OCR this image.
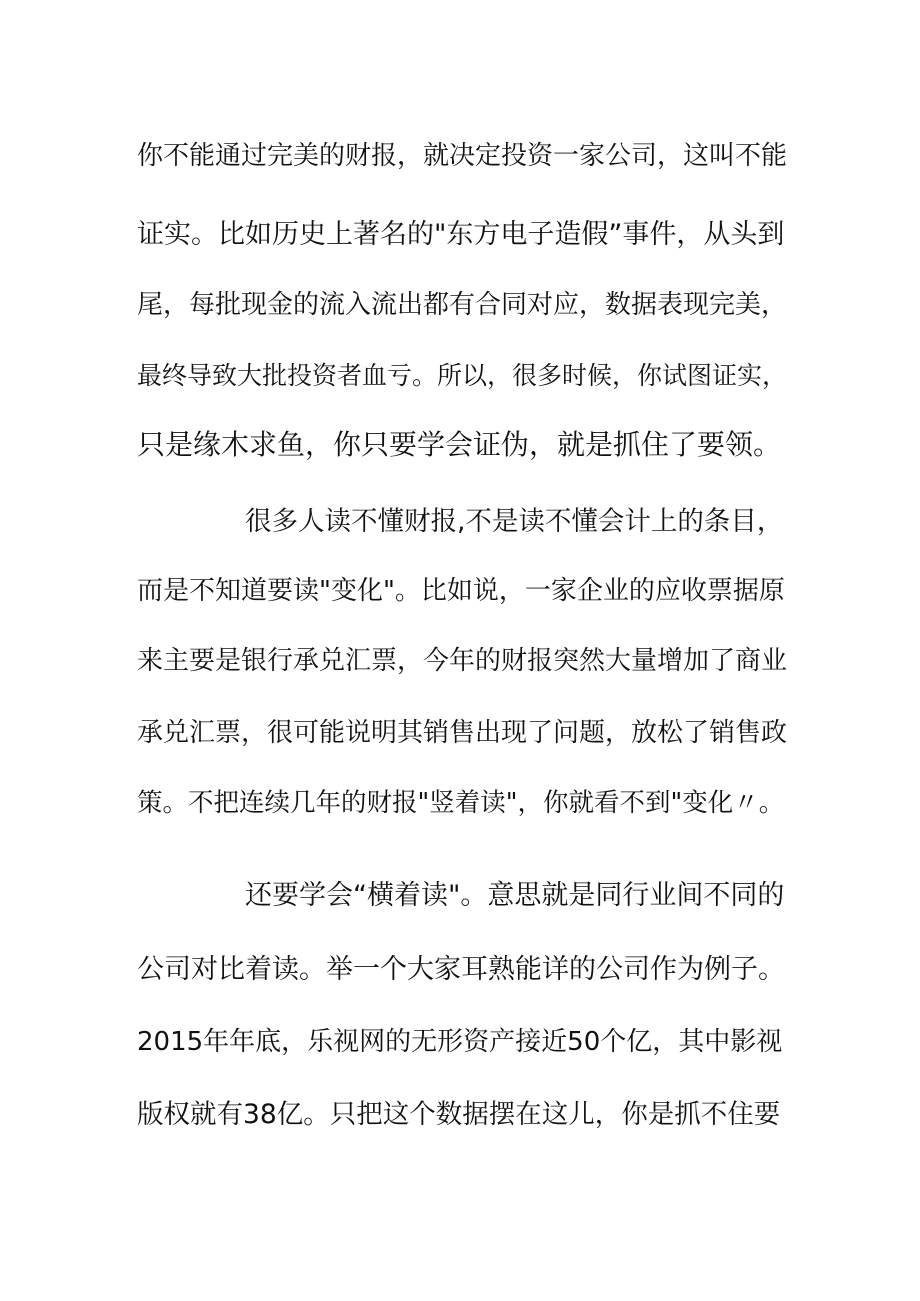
你不能通过完美的财报，就决定投资一家公司，这叫不能
证实。比如历史上著名的"东方电子造假”事件，从头到
尾，每批现金的流入流出都有合同对应，数据表现完美，
最终导致大批投资者血亏。所以，很多时候，你试图证实，
只是缘木求鱼，你只要学会证伪，就是抓住了要领。
很多人读不懂财报,不是读不懂会计上的条目，
而是不知道要读"变化"。比如说，一家企业的应收票据原
来主要是银行承兑汇票，今年的财报突然大量增加了商业
承兑汇票，很可能说明其销售出现了问题，放松了销售政
策。不把连续几年的财报"竖着读"，你就看不到"变化〃。
还要学会“横着读"。意思就是同行业间不同的
公司对比着读。举一个大家耳熟能详的公司作为例子。
2015年年底，乐视网的无形资产接近50个亿，其中影视
版权就有38亿。只把这个数据摆在这儿，你是抓不住要
